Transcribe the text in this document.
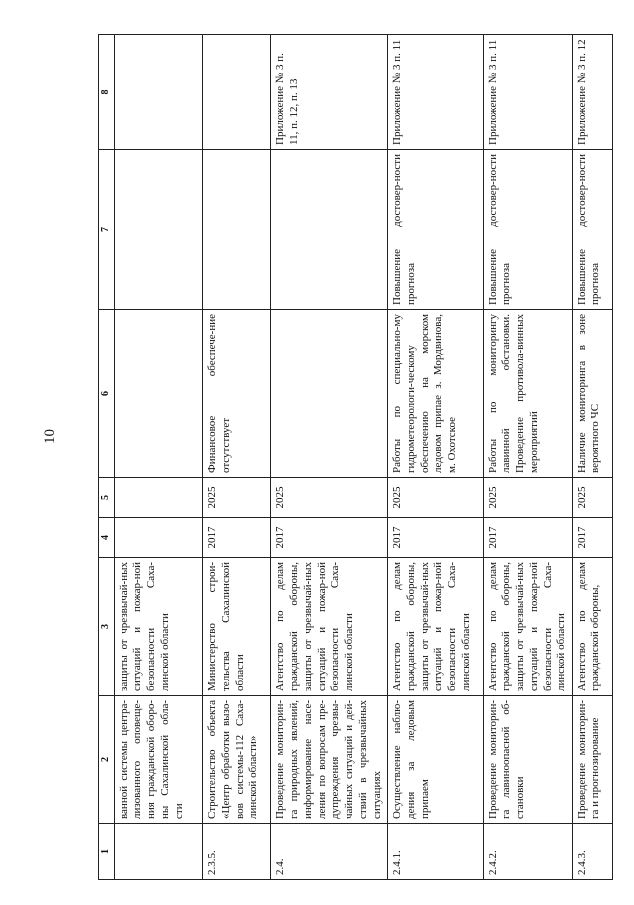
10
1	2	3	4	5	6	7	8
	ванной системы центра-лизованного оповеще-ния гражданской оборо-ны Сахалинской обла-сти	защиты от чрезвычай-ных ситуаций и пожар-ной безопасности Саха-линской области					
2.3.5.	Строительство объекта «Центр обработки вызо-вов системы-112 Саха-линской области»	Министерство строи-тельства Сахалинской области	2017	2025	Финансовое обеспече-ние отсутствует		
2.4.	Проведение мониторин-га природных явлений, информирование насе-ления по вопросам пре-дупреждения чрезвы-чайных ситуаций и дей-ствий в чрезвычайных ситуациях	Агентство по делам гражданской обороны, защиты от чрезвычай-ных ситуаций и пожар-ной безопасности Саха-линской области	2017	2025			Приложение № 3 п. 11, п. 12, п. 13
2.4.1.	Осуществление наблю-дения за ледовым припаем	Агентство по делам гражданской обороны, защиты от чрезвычай-ных ситуаций и пожар-ной безопасности Саха-линской области	2017	2025	Работы по специально-му гидрометеорологи-ческому обеспечению на морском ледовом припае з. Мордвинова, м. Охотское	Повышение достовер-ности прогноза	Приложение № 3 п. 11
2.4.2.	Проведение мониторин-га лавиноопасной об-становки	Агентство по делам гражданской обороны, защиты от чрезвычай-ных ситуаций и пожар-ной безопасности Саха-линской области	2017	2025	Работы по мониторингу лавинной обстановки. Проведение противола-винных мероприятий	Повышение достовер-ности прогноза	Приложение № 3 п. 11
2.4.3.	Проведение мониторин-га и прогнозирование	Агентство по делам гражданской обороны,	2017	2025	Наличие мониторинга в зоне вероятного ЧС	Повышение достовер-ности прогноза	Приложение № 3 п. 12
